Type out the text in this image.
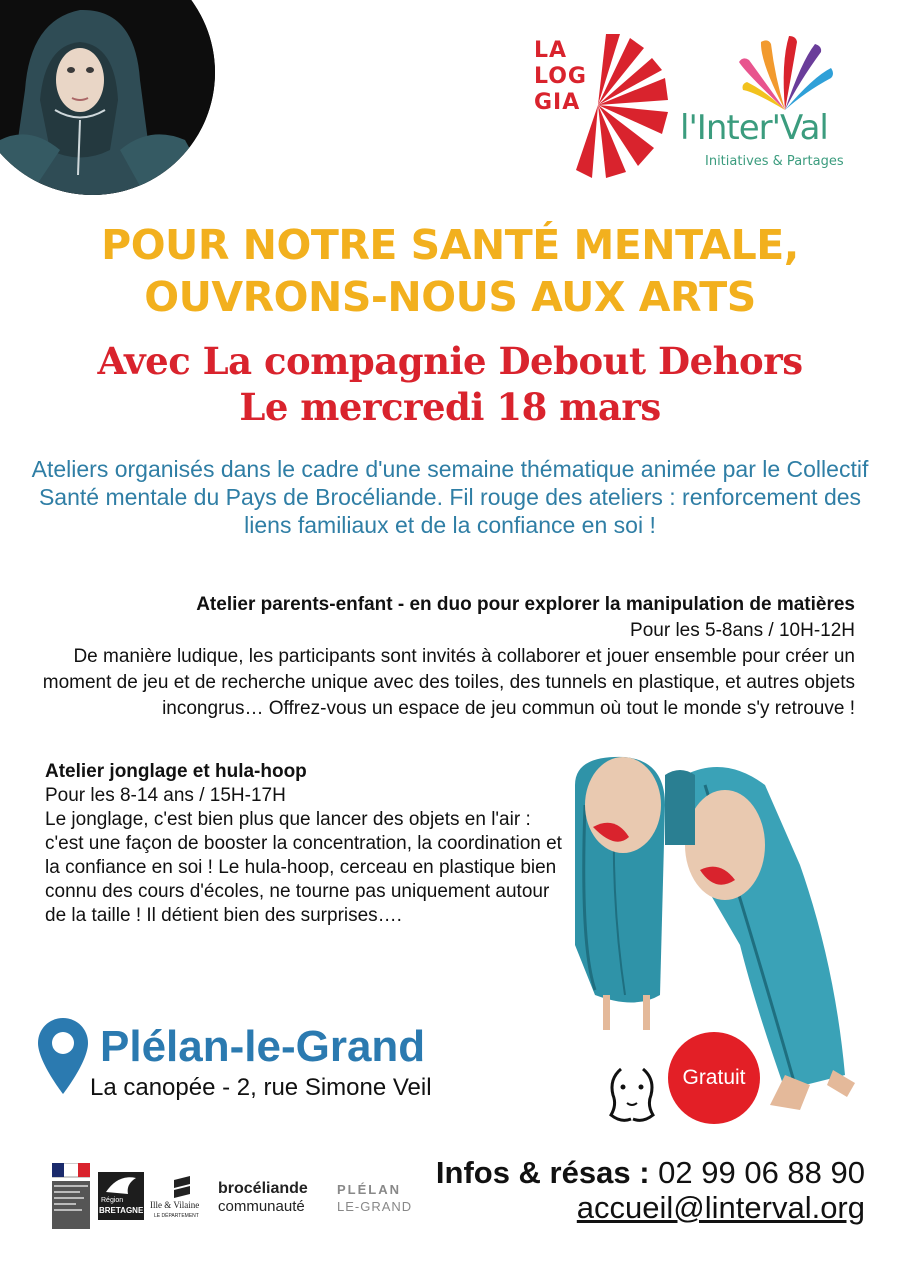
LA
LOG
GIA
l'Inter'Val
Initiatives & Partages
POUR NOTRE SANTÉ MENTALE,
OUVRONS-NOUS AUX ARTS
Avec La compagnie Debout Dehors
Le mercredi 18 mars
Ateliers organisés dans le cadre d'une semaine thématique animée par le Collectif Santé mentale du Pays de Brocéliande. Fil rouge des ateliers : renforcement des liens familiaux et de la confiance en soi !
Atelier parents-enfant - en duo pour explorer la manipulation de matières
Pour les 5-8ans / 10H-12H
De manière ludique, les participants sont invités à collaborer et jouer ensemble pour créer un moment de jeu et de recherche unique avec des toiles, des tunnels en plastique, et autres objets incongrus… Offrez-vous un espace de jeu commun où tout le monde s'y retrouve !
Atelier jonglage et hula-hoop
Pour les 8-14 ans / 15H-17H
Le jonglage, c'est bien plus que lancer des objets en l'air : c'est une façon de booster la concentration, la coordination et la confiance en soi ! Le hula-hoop, cerceau en plastique bien connu des cours d'écoles, ne tourne pas uniquement autour de la taille ! Il détient bien des surprises….
Plélan-le-Grand
La canopée - 2, rue Simone Veil	Gratuit
Région
BRETAGNE
Ille & Vilaine
LE DÉPARTEMENT
brocéliande
communauté
PLÉLAN
LE-GRAND
Infos & résas : 02 99 06 88 90
accueil@linterval.org
